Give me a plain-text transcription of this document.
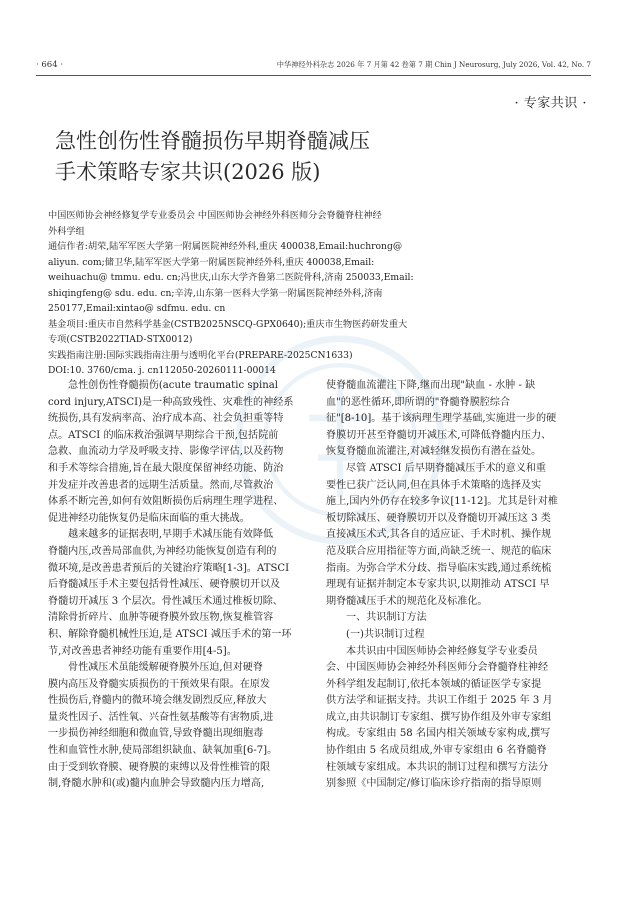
· 664 ·	中华神经外科杂志 2026 年 7 月第 42 卷第 7 期 Chin J Neurosurg, July 2026, Vol. 42, No. 7
· 专家共识 ·
急性创伤性脊髓损伤早期脊髓减压
手术策略专家共识(2026 版)
中国医师协会神经修复学专业委员会 中国医师协会神经外科医师分会脊髓脊柱神经
外科学组
通信作者:胡荣,陆军军医大学第一附属医院神经外科,重庆 400038,Email:huchrong@
aliyun. com;储卫华,陆军军医大学第一附属医院神经外科,重庆 400038,Email:
weihuachu@ tmmu. edu. cn;冯世庆,山东大学齐鲁第二医院骨科,济南 250033,Email:
shiqingfeng@ sdu. edu. cn;辛涛,山东第一医科大学第一附属医院神经外科,济南
250177,Email:xintao@ sdfmu. edu. cn
基金项目:重庆市自然科学基金(CSTB2025NSCQ-GPX0640);重庆市生物医药研发重大
专项(CSTB2022TIAD-STX0012)
实践指南注册:国际实践指南注册与透明化平台(PREPARE-2025CN1633)
DOI:10. 3760/cma. j. cn112050-20260111-00014
急性创伤性脊髓损伤(acute traumatic spinal
cord injury,ATSCI)是一种高致残性、灾难性的神经系
统损伤,具有发病率高、治疗成本高、社会负担重等特
点。ATSCI 的临床救治强调早期综合干预,包括院前
急救、血流动力学及呼吸支持、影像学评估,以及药物
和手术等综合措施,旨在最大限度保留神经功能、防治
并发症并改善患者的远期生活质量。然而,尽管救治
体系不断完善,如何有效阻断损伤后病理生理学进程、
促进神经功能恢复仍是临床面临的重大挑战。
越来越多的证据表明,早期手术减压能有效降低
脊髓内压,改善局部血供,为神经功能恢复创造有利的
微环境,是改善患者预后的关键治疗策略[1-3]。ATSCI
后脊髓减压手术主要包括骨性减压、硬脊膜切开以及
脊髓切开减压 3 个层次。骨性减压术通过椎板切除、
清除骨折碎片、血肿等硬脊膜外致压物,恢复椎管容
积、解除脊髓机械性压迫,是 ATSCI 减压手术的第一环
节,对改善患者神经功能有重要作用[4-5]。
骨性减压术虽能缓解硬脊膜外压迫,但对硬脊
膜内高压及脊髓实质损伤的干预效果有限。在原发
性损伤后,脊髓内的微环境会继发剧烈反应,释放大
量炎性因子、活性氧、兴奋性氨基酸等有害物质,进
一步损伤神经细胞和微血管,导致脊髓出现细胞毒
性和血管性水肿,使局部组织缺血、缺氧加重[6-7]。
由于受到软脊膜、硬脊膜的束缚以及骨性椎管的限
制,脊髓水肿和(或)髓内血肿会导致髓内压力增高,
使脊髓血流灌注下降,继而出现"缺血 - 水肿 - 缺
血"的恶性循环,即所谓的"脊髓脊膜腔综合
征"[8-10]。基于该病理生理学基础,实施进一步的硬
脊膜切开甚至脊髓切开减压术,可降低脊髓内压力、
恢复脊髓血流灌注,对减轻继发损伤有潜在益处。
尽管 ATSCI 后早期脊髓减压手术的意义和重
要性已获广泛认同,但在具体手术策略的选择及实
施上,国内外仍存在较多争议[11-12]。尤其是针对椎
板切除减压、硬脊膜切开以及脊髓切开减压这 3 类
直接减压术式,其各自的适应证、手术时机、操作规
范及联合应用指征等方面,尚缺乏统一、规范的临床
指南。为弥合学术分歧、指导临床实践,通过系统梳
理现有证据并制定本专家共识,以期推动 ATSCI 早
期脊髓减压手术的规范化及标准化。
一、共识制订方法
(一)共识制订过程
本共识由中国医师协会神经修复学专业委员
会、中国医师协会神经外科医师分会脊髓脊柱神经
外科学组发起制订,依托本领域的循证医学专家提
供方法学和证据支持。共识工作组于 2025 年 3 月
成立,由共识制订专家组、撰写协作组及外审专家组
构成。专家组由 58 名国内相关领域专家构成,撰写
协作组由 5 名成员组成,外审专家组由 6 名脊髓脊
柱领域专家组成。本共识的制订过程和撰写方法分
别参照《中国制定/修订临床诊疗指南的指导原则
